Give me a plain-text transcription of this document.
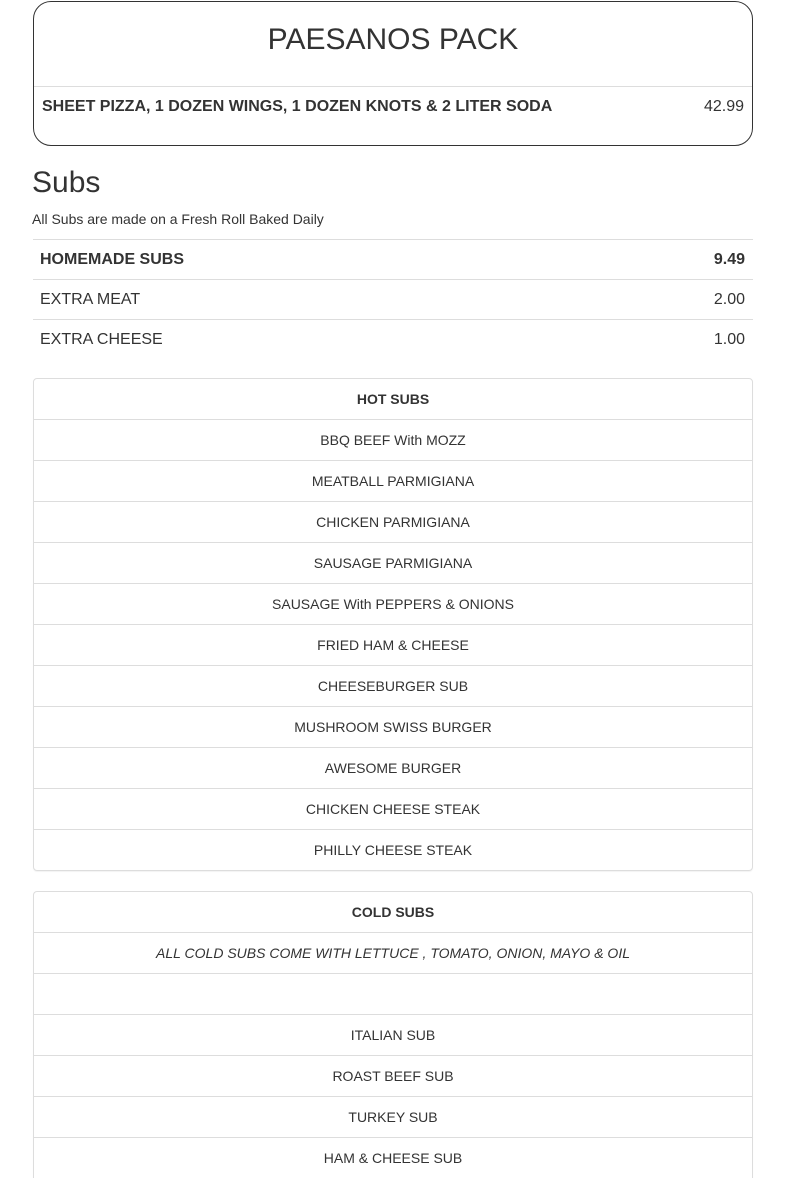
PAESANOS PACK
SHEET PIZZA, 1 DOZEN WINGS, 1 DOZEN KNOTS & 2 LITER SODA	42.99
Subs

All Subs are made on a Fresh Roll Baked Daily

HOMEMADE SUBS	9.49
EXTRA MEAT	2.00
EXTRA CHEESE	1.00
HOT SUBS
BBQ BEEF With MOZZ
MEATBALL PARMIGIANA
CHICKEN PARMIGIANA
SAUSAGE PARMIGIANA
SAUSAGE With PEPPERS & ONIONS
FRIED HAM & CHEESE
CHEESEBURGER SUB
MUSHROOM SWISS BURGER
AWESOME BURGER
CHICKEN CHEESE STEAK
PHILLY CHEESE STEAK
COLD SUBS
ALL COLD SUBS COME WITH LETTUCE , TOMATO, ONION, MAYO & OIL
ITALIAN SUB
ROAST BEEF SUB
TURKEY SUB
HAM & CHEESE SUB
